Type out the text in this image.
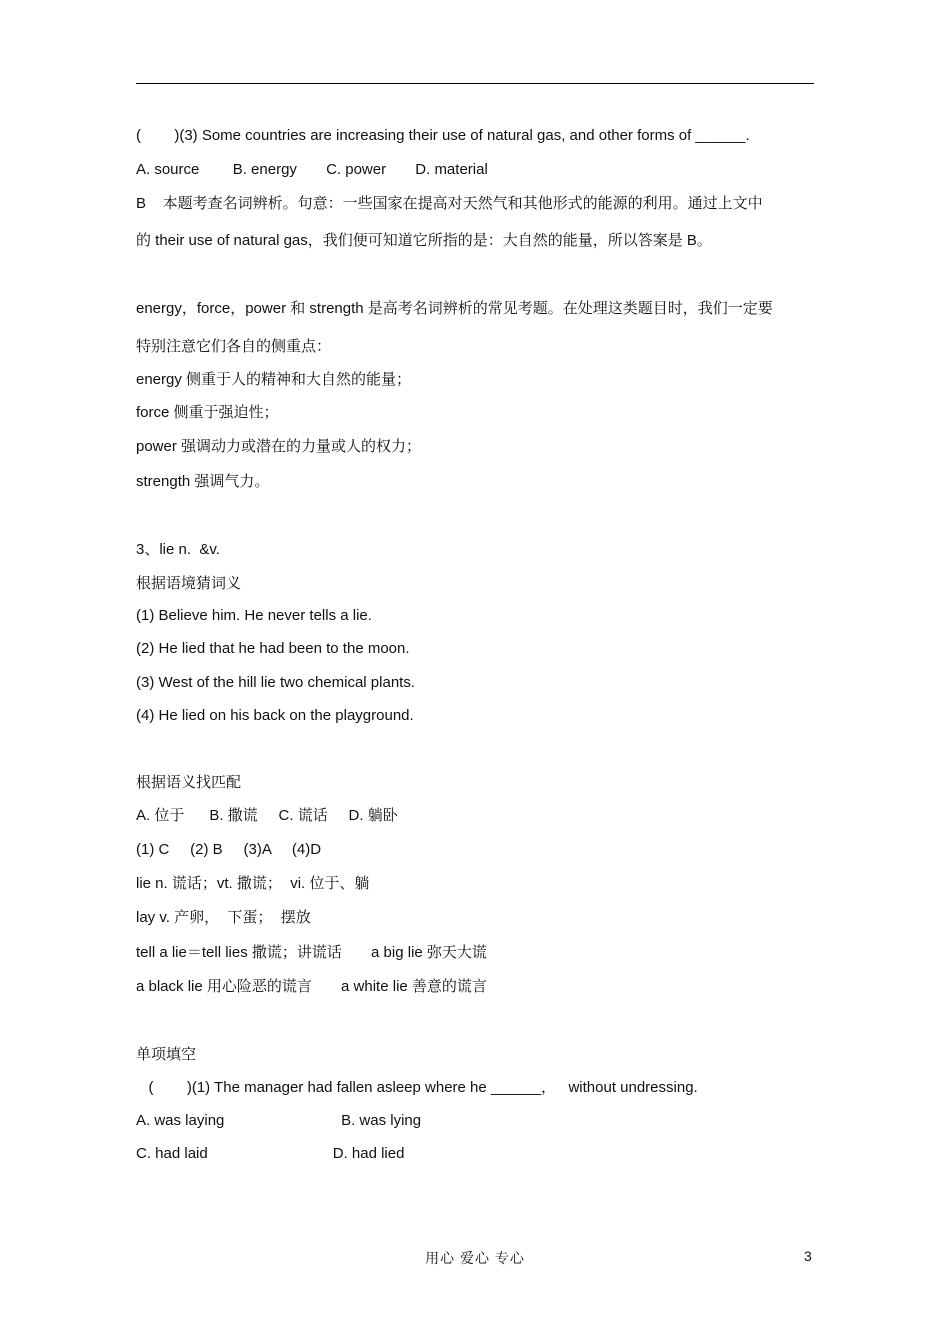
(        )(3) Some countries are increasing their use of natural gas, and other forms of ______.
A. source        B. energy       C. power       D. material
B    本题考查名词辨析。句意：一些国家在提高对天然气和其他形式的能源的利用。通过上文中
的 their use of natural gas，我们便可知道它所指的是：大自然的能量，所以答案是 B。
energy，force，power 和 strength 是高考名词辨析的常见考题。在处理这类题目时，我们一定要
特别注意它们各自的侧重点：
energy 侧重于人的精神和大自然的能量；
force 侧重于强迫性；
power 强调动力或潜在的力量或人的权力；
strength 强调气力。
3、lie n.  &v.
根据语境猜词义
(1) Believe him. He never tells a lie.
(2) He lied that he had been to the moon.
(3) West of the hill lie two chemical plants.
(4) He lied on his back on the playground.
根据语义找匹配
A. 位于      B. 撒谎     C. 谎话     D. 躺卧
(1) C     (2) B     (3)A     (4)D
lie n. 谎话；vt. 撒谎；  vi. 位于、躺
lay v. 产卵，  下蛋；  摆放
tell a lie＝tell lies 撒谎；讲谎话       a big lie 弥天大谎
a black lie 用心险恶的谎言       a white lie 善意的谎言
单项填空
(        )(1) The manager had fallen asleep where he ______，   without undressing.
A. was laying                            B. was lying
C. had laid                              D. had lied
用心 爱心 专心	3
